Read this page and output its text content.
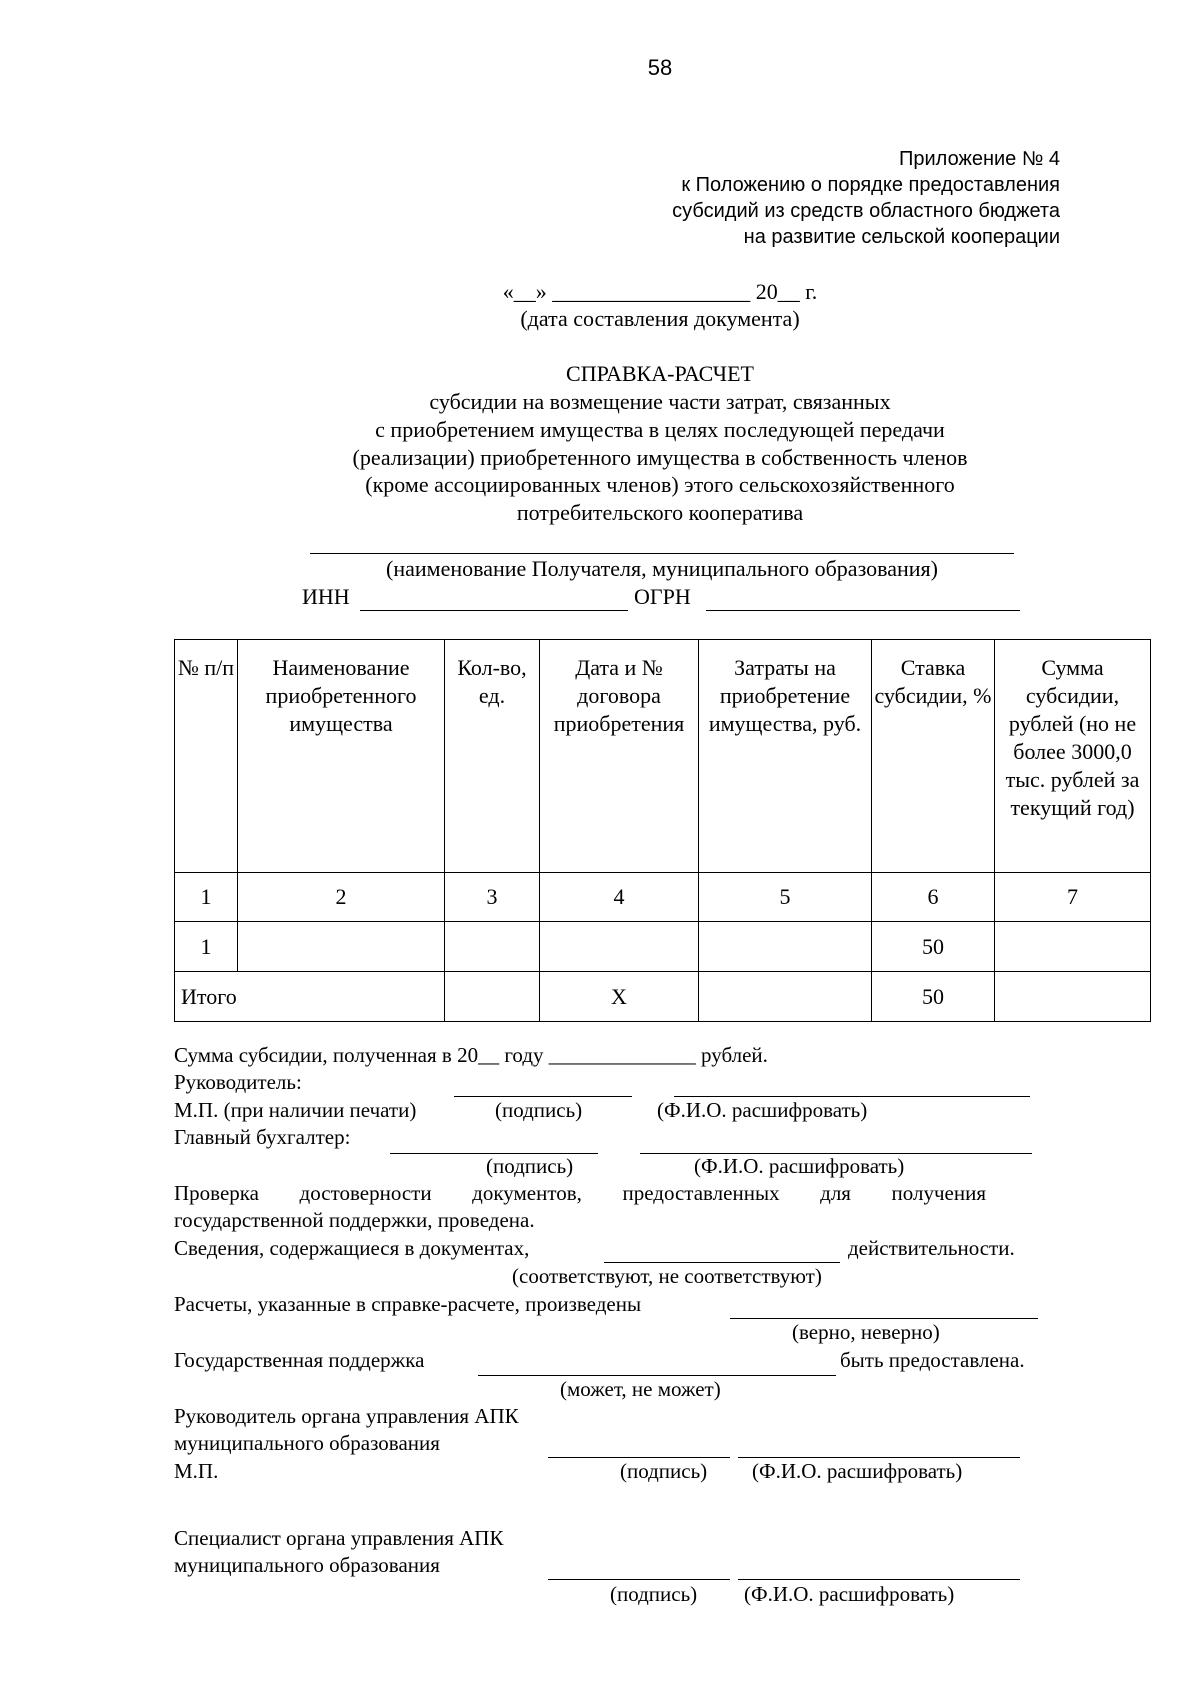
58
Приложение № 4
к Положению о порядке предоставления
субсидий из средств областного бюджета
на развитие сельской кооперации
«__» __________________ 20__ г.
(дата составления документа)
СПРАВКА-РАСЧЕТ
субсидии на возмещение части затрат, связанных
с приобретением имущества в целях последующей передачи
(реализации) приобретенного имущества в собственность членов
(кроме ассоциированных членов) этого сельскохозяйственного
потребительского кооператива
(наименование Получателя, муниципального образования)
ИНН	ОГРН
№ п/п	Наименование приобретенного имущества	Кол-во, ед.	Дата и № договора приобретения	Затраты на приобретение имущества, руб.	Ставка субсидии, %	Сумма субсидии, рублей (но не более 3000,0 тыс. рублей за текущий год)
1	2	3	4	5	6	7
1					50	
Итого			Х		50	
Сумма субсидии, полученная в 20__ году ______________ рублей.
Руководитель:
М.П. (при наличии печати)	(подпись)	(Ф.И.О. расшифровать)
Главный бухгалтер:
(подпись)	(Ф.И.О. расшифровать)
Проверка достоверности документов, предоставленных для получения
государственной поддержки, проведена.
Сведения, содержащиеся в документах,	действительности.
(соответствуют, не соответствуют)
Расчеты, указанные в справке-расчете, произведены
(верно, неверно)
Государственная поддержка	быть предоставлена.
(может, не может)
Руководитель органа управления АПК
муниципального образования
М.П.	(подпись) (Ф.И.О. расшифровать)
Специалист органа управления АПК
муниципального образования
(подпись) (Ф.И.О. расшифровать)
